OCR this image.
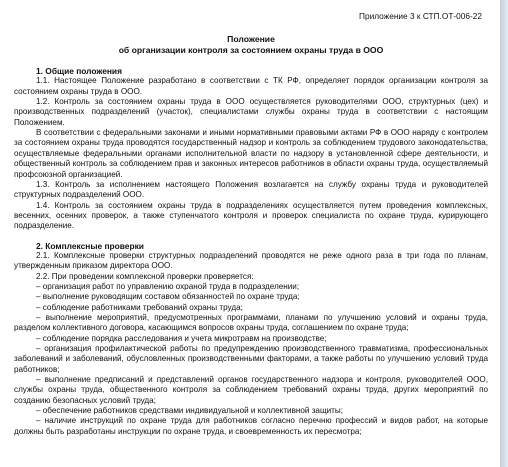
Приложение 3 к СТП.ОТ-006-22
Положение
об организации контроля за состоянием охраны труда в ООО
1. Общие положения

1.1. Настоящее Положение разработано в соответствии с ТК РФ, определяет порядок организации контроля за состоянием охраны труда в ООО.

1.2. Контроль за состоянием охраны труда в ООО осуществляется руководителями ООО, структурных (цех) и производственных подразделений (участок), специалистами службы охраны труда в соответствии с настоящим Положением.

В соответствии с федеральными законами и иными нормативными правовыми актами РФ в ООО наряду с контролем за состоянием охраны труда проводятся государственный надзор и контроль за соблюдением трудового законодательства, осуществляемые федеральными органами исполнительной власти по надзору в установленной сфере деятельности, и общественный контроль за соблюдением прав и законных интересов работников в области охраны труда, осуществляемый профсоюзной организацией.

1.3. Контроль за исполнением настоящего Положения возлагается на службу охраны труда и руководителей структурных подразделений ООО.

1.4. Контроль за состоянием охраны труда в подразделениях осуществляется путем проведения комплексных, весенних, осенних проверок, а также ступенчатого контроля и проверок специалиста по охране труда, курирующего подразделение.

2. Комплексные проверки

2.1. Комплексные проверки структурных подразделений проводятся не реже одного раза в три года по планам, утвержденным приказом директора ООО.

2.2. При проведении комплексной проверки проверяется:

– организация работ по управлению охраной труда в подразделении;

– выполнение руководящим составом обязанностей по охране труда;

– соблюдение работниками требований охраны труда;

– выполнение мероприятий, предусмотренных программами, планами по улучшению условий и охраны труда, разделом коллективного договора, касающимся вопросов охраны труда, соглашением по охране труда;

– соблюдение порядка расследования и учета микротравм на производстве;

– организация профилактической работы по предупреждению производственного травматизма, профессиональных заболеваний и заболеваний, обусловленных производственными факторами, а также работы по улучшению условий труда работников;

– выполнение предписаний и представлений органов государственного надзора и контроля, руководителей ООО, службы охраны труда, общественного контроля за соблюдением требований охраны труда, других мероприятий по созданию безопасных условий труда;

– обеспечение работников средствами индивидуальной и коллективной защиты;

– наличие инструкций по охране труда для работников согласно перечню профессий и видов работ, на которые должны быть разработаны инструкции по охране труда, и своевременность их пересмотра;
